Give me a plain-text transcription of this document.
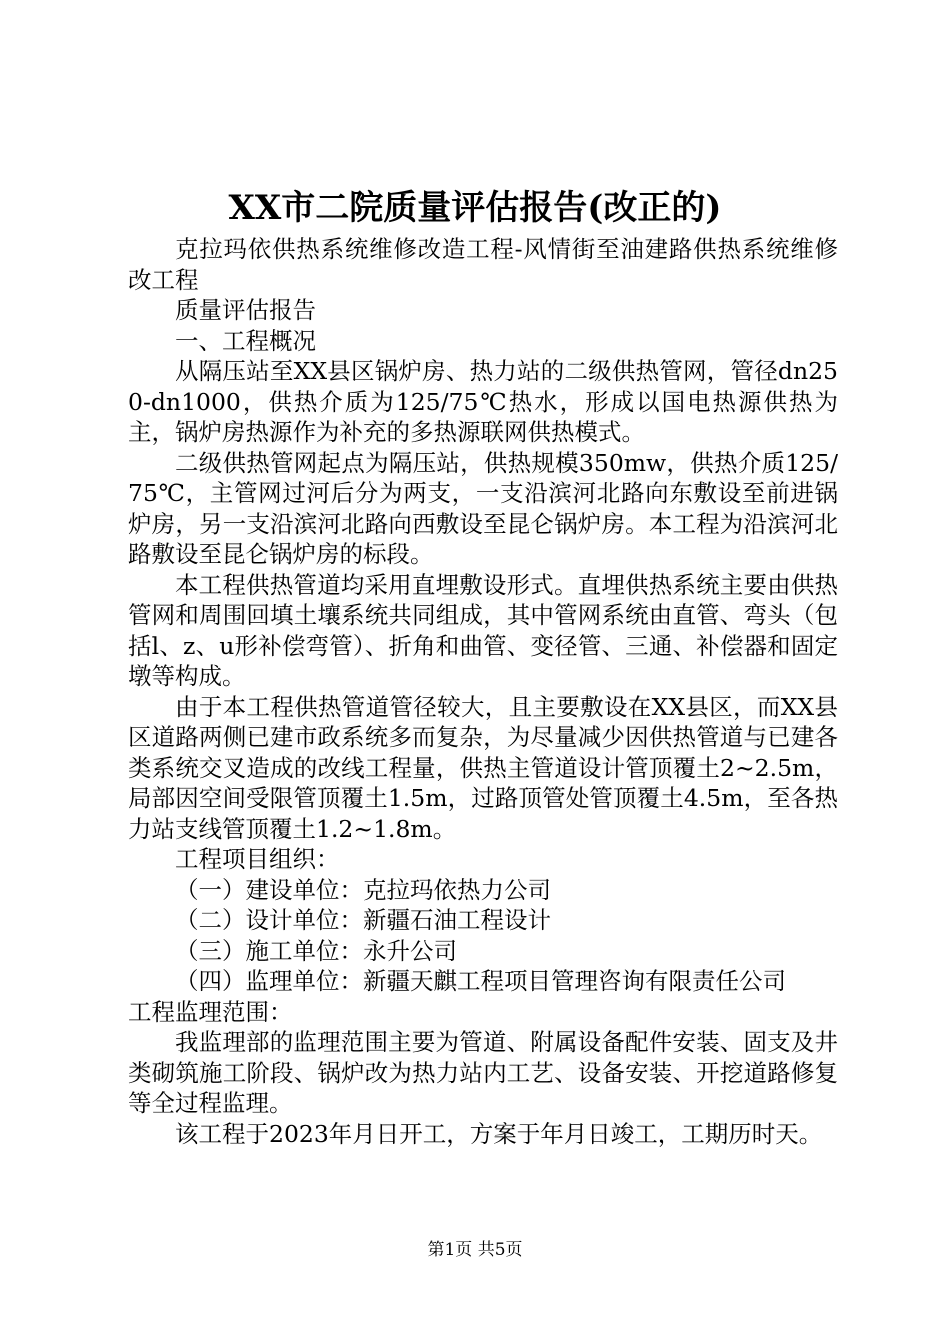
XX市二院质量评估报告(改正的)

克拉玛依供热系统维修改造工程-风情街至油建路供热系统维修改工程

质量评估报告

一、工程概况

从隔压站至XX县区锅炉房、热力站的二级供热管网，管径dn250-dn1000，供热介质为125/75℃热水，形成以国电热源供热为主，锅炉房热源作为补充的多热源联网供热模式。

二级供热管网起点为隔压站，供热规模350mw，供热介质125/75℃，主管网过河后分为两支，一支沿滨河北路向东敷设至前进锅炉房，另一支沿滨河北路向西敷设至昆仑锅炉房。本工程为沿滨河北路敷设至昆仑锅炉房的标段。

本工程供热管道均采用直埋敷设形式。直埋供热系统主要由供热管网和周围回填土壤系统共同组成，其中管网系统由直管、弯头（包括l、z、u形补偿弯管）、折角和曲管、变径管、三通、补偿器和固定墩等构成。

由于本工程供热管道管径较大，且主要敷设在XX县区，而XX县区道路两侧已建市政系统多而复杂，为尽量减少因供热管道与已建各类系统交叉造成的改线工程量，供热主管道设计管顶覆土2~2.5m，局部因空间受限管顶覆土1.5m，过路顶管处管顶覆土4.5m，至各热力站支线管顶覆土1.2~1.8m。

工程项目组织：

（一）建设单位：克拉玛依热力公司

（二）设计单位：新疆石油工程设计

（三）施工单位：永升公司

（四）监理单位：新疆天麒工程项目管理咨询有限责任公司

工程监理范围：

我监理部的监理范围主要为管道、附属设备配件安装、固支及井类砌筑施工阶段、锅炉改为热力站内工艺、设备安装、开挖道路修复等全过程监理。

该工程于2023年月日开工，方案于年月日竣工，工期历时天。

第1页 共5页
